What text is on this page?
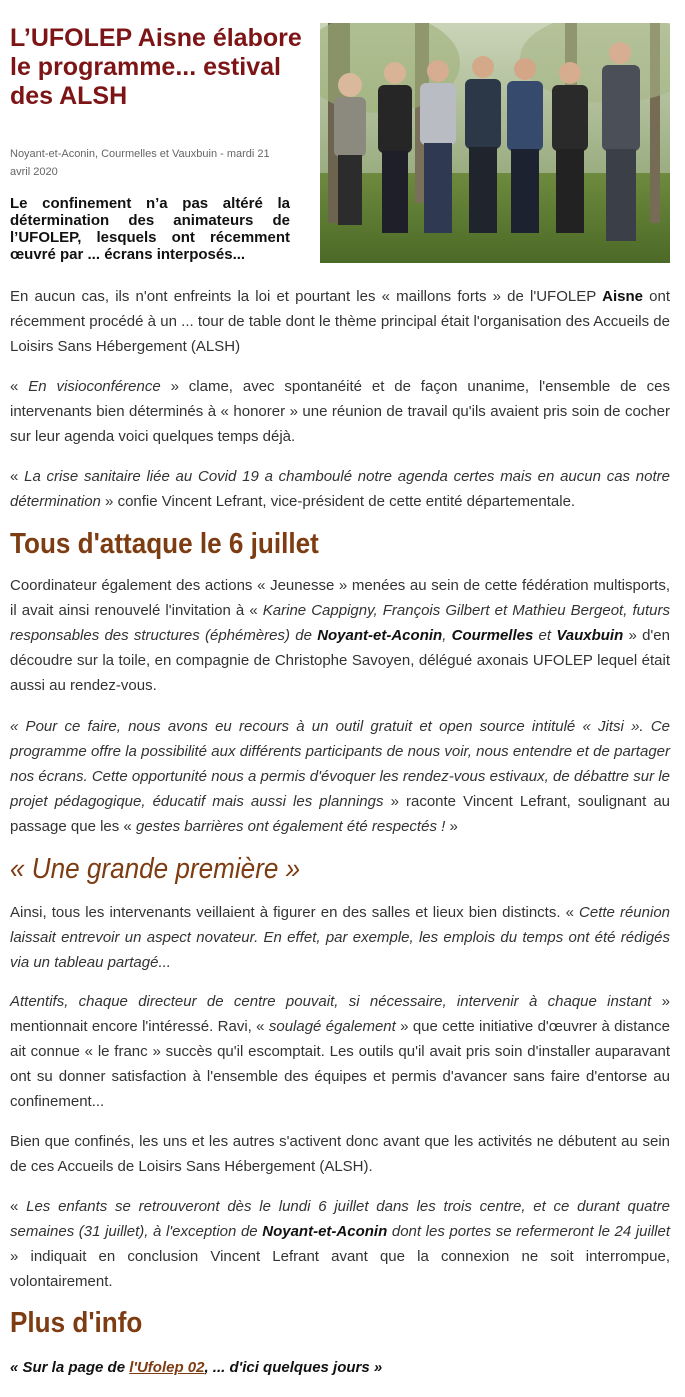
L’UFOLEP Aisne élabore le programme... estival des ALSH
Noyant-et-Aconin, Courmelles et Vauxbuin - mardi 21 avril 2020

Le confinement n’a pas altéré la détermination des animateurs de l’UFOLEP, lesquels ont récemment œuvré par ... écrans interposés...

En aucun cas, ils n'ont enfreints la loi et pourtant les « maillons forts » de l'UFOLEP Aisne ont récemment procédé à un ... tour de table dont le thème principal était l'organisation des Accueils de Loisirs Sans Hébergement (ALSH)

« En visioconférence » clame, avec spontanéité et de façon unanime, l'ensemble de ces intervenants bien déterminés à « honorer » une réunion de travail qu'ils avaient pris soin de cocher sur leur agenda voici quelques temps déjà.

« La crise sanitaire liée au Covid 19 a chamboulé notre agenda certes mais en aucun cas notre détermination » confie Vincent Lefrant, vice-président de cette entité départementale.

Tous d'attaque le 6 juillet

Coordinateur également des actions « Jeunesse » menées au sein de cette fédération multisports, il avait ainsi renouvelé l'invitation à « Karine Cappigny, François Gilbert et Mathieu Bergeot, futurs responsables des structures (éphémères) de Noyant-et-Aconin, Courmelles et Vauxbuin » d'en découdre sur la toile, en compagnie de Christophe Savoyen, délégué axonais UFOLEP lequel était aussi au rendez-vous.

« Pour ce faire, nous avons eu recours à un outil gratuit et open source intitulé « Jitsi ». Ce programme offre la possibilité aux différents participants de nous voir, nous entendre et de partager nos écrans. Cette opportunité nous a permis d'évoquer les rendez-vous estivaux, de débattre sur le projet pédagogique, éducatif mais aussi les plannings » raconte Vincent Lefrant, soulignant au passage que les « gestes barrières ont également été respectés ! »

« Une grande première »

Ainsi, tous les intervenants veillaient à figurer en des salles et lieux bien distincts. « Cette réunion laissait entrevoir un aspect novateur. En effet, par exemple, les emplois du temps ont été rédigés via un tableau partagé...

Attentifs, chaque directeur de centre pouvait, si nécessaire, intervenir à chaque instant » mentionnait encore l'intéressé. Ravi, « soulagé également » que cette initiative d'œuvrer à distance ait connue « le franc » succès qu'il escomptait. Les outils qu'il avait pris soin d'installer auparavant ont su donner satisfaction à l'ensemble des équipes et permis d'avancer sans faire d'entorse au confinement...

Bien que confinés, les uns et les autres s'activent donc avant que les activités ne débutent au sein de ces Accueils de Loisirs Sans Hébergement (ALSH).

« Les enfants se retrouveront dès le lundi 6 juillet dans les trois centre, et ce durant quatre semaines (31 juillet), à l'exception de Noyant-et-Aconin dont les portes se refermeront le 24 juillet » indiquait en conclusion Vincent Lefrant avant que la connexion ne soit interrompue, volontairement.

Plus d'info
« Sur la page de l'Ufolep 02, ... d'ici quelques jours »
